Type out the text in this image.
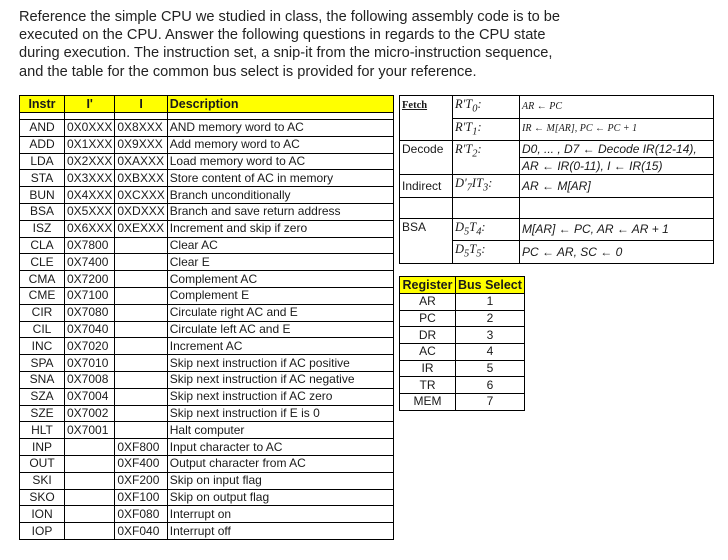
Reference the simple CPU we studied in class, the following assembly code is to be
executed on the CPU. Answer the following questions in regards to the CPU state
during execution. The instruction set, a snip-it from the micro-instruction sequence,
and the table for the common bus select is provided for your reference.
Instr	I'	I	Description

AND	0X0XXX	0X8XXX	AND memory word to AC
ADD	0X1XXX	0X9XXX	Add memory word to AC
LDA	0X2XXX	0XAXXX	Load memory word to AC
STA	0X3XXX	0XBXXX	Store content of AC in memory
BUN	0X4XXX	0XCXXX	Branch unconditionally
BSA	0X5XXX	0XDXXX	Branch and save return address
ISZ	0X6XXX	0XEXXX	Increment and skip if zero
CLA	0X7800		Clear AC
CLE	0X7400		Clear E
CMA	0X7200		Complement AC
CME	0X7100		Complement E
CIR	0X7080		Circulate right AC and E
CIL	0X7040		Circulate left AC and E
INC	0X7020		Increment AC
SPA	0X7010		Skip next instruction if AC positive
SNA	0X7008		Skip next instruction if AC negative
SZA	0X7004		Skip next instruction if AC zero
SZE	0X7002		Skip next instruction if E is 0
HLT	0X7001		Halt computer
INP		0XF800	Input character to AC
OUT		0XF400	Output character from AC
SKI		0XF200	Skip on input flag
SKO		0XF100	Skip on output flag
ION		0XF080	Interrupt on
IOP		0XF040	Interrupt off
Fetch	$R'T_0$:	AR ← PC
	$R'T_1$:	IR ← M[AR], PC ← PC + 1
Decode	$R'T_2$:	D0, ... , D7 ← Decode IR(12-14),
		AR ← IR(0-11), I ← IR(15)
Indirect	$D'_7IT_3$:	AR ← M[AR]

BSA	$D_5T_4$:	M[AR] ← PC, AR ← AR + 1
	$D_5T_5$:	PC ← AR, SC ← 0
Register	Bus Select
AR	1
PC	2
DR	3
AC	4
IR	5
TR	6
MEM	7
